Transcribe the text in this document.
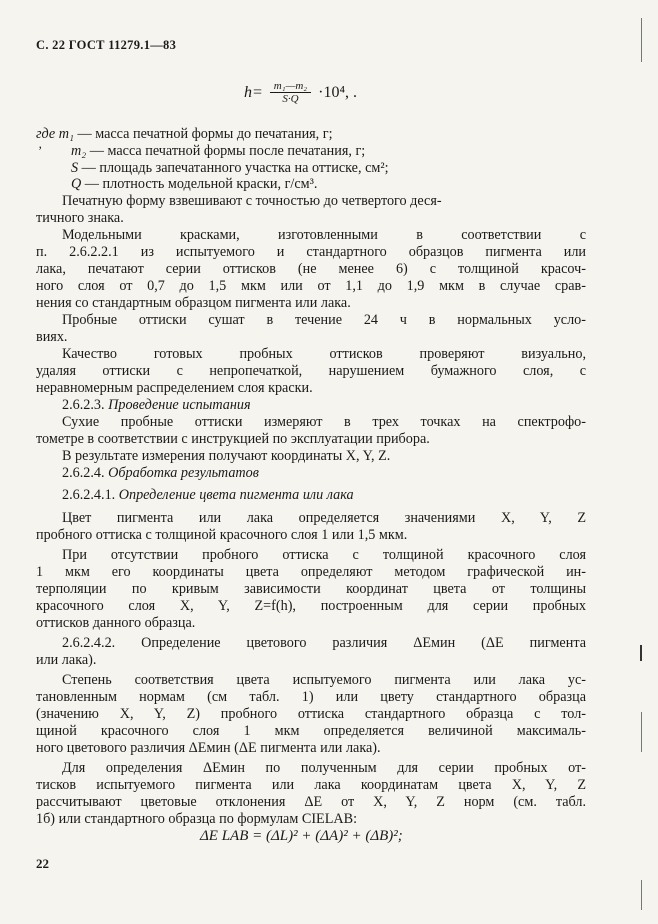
С. 22 ГОСТ 11279.1—83
$h= \frac{\text{m₁—m₂}}{S\cdot Q} \cdot 10^4$, .
где m₁ — масса печатной формы до печатания, г;
m₂ — масса печатной формы после печатания, г;
ʼ
S — площадь запечатанного участка на оттиске, см²;
Q — плотность модельной краски, г/см³.
Печатную форму взвешивают с точностью до четвертого деся-
тичного знака.
Модельными красками, изготовленными в соответствии с
п. 2.6.2.2.1 из испытуемого и стандартного образцов пигмента или
лака, печатают серии оттисков (не менее 6) с толщиной красоч-
ного слоя от 0,7 до 1,5 мкм или от 1,1 до 1,9 мкм в случае срав-
нения со стандартным образцом пигмента или лака.
Пробные оттиски сушат в течение 24 ч в нормальных усло-
виях.
Качество готовых пробных оттисков проверяют визуально,
удаляя оттиски с непропечаткой, нарушением бумажного слоя, с
неравномерным распределением слоя краски.
2.6.2.3. Проведение испытания
Сухие пробные оттиски измеряют в трех точках на спектрофо-
тометре в соответствии с инструкцией по эксплуатации прибора.
В результате измерения получают координаты X, Y, Z.
2.6.2.4. Обработка результатов
2.6.2.4.1. Определение цвета пигмента или лака
Цвет пигмента или лака определяется значениями X, Y, Z
пробного оттиска с толщиной красочного слоя 1 или 1,5 мкм.
При отсутствии пробного оттиска с толщиной красочного слоя
1 мкм его координаты цвета определяют методом графической ин-
терполяции по кривым зависимости координат цвета от толщины
красочного слоя X, Y, Z=f(h), построенным для серии пробных
оттисков данного образца.
2.6.2.4.2. Определение цветового различия ΔEмин (ΔE пигмента
или лака).
Степень соответствия цвета испытуемого пигмента или лака ус-
тановленным нормам (см табл. 1) или цвету стандартного образца
(значению X, Y, Z) пробного оттиска стандартного образца с тол-
щиной красочного слоя 1 мкм определяется величиной максималь-
ного цветового различия ΔEмин (ΔE пигмента или лака).
Для определения ΔEмин по полученным для серии пробных от-
тисков испытуемого пигмента или лака координатам цвета X, Y, Z
рассчитывают цветовые отклонения ΔE от X, Y, Z норм (см. табл.
1б) или стандартного образца по формулам CIELAB:
ΔE LAB = (ΔL)² + (ΔA)² + (ΔB)²;
22
